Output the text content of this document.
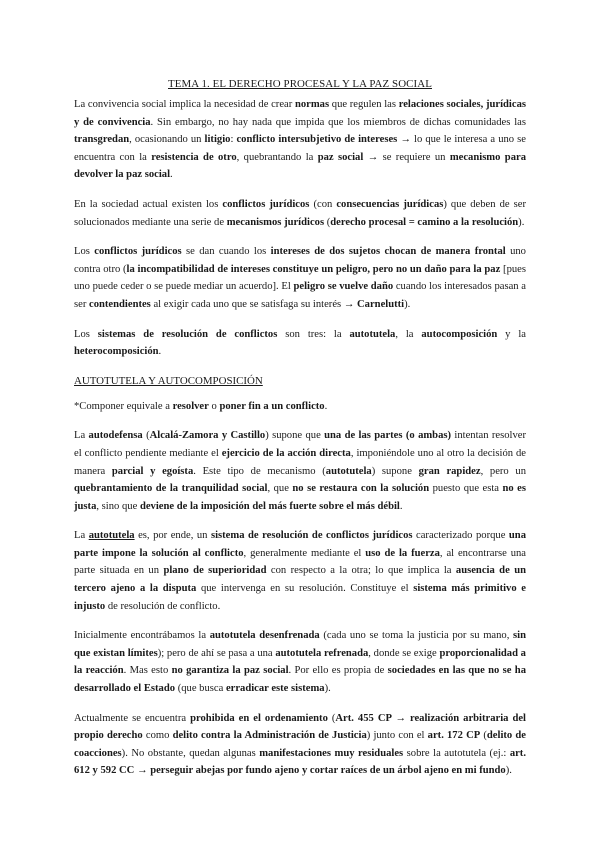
TEMA 1. EL DERECHO PROCESAL Y LA PAZ SOCIAL

La convivencia social implica la necesidad de crear normas que regulen las relaciones sociales, jurídicas y de convivencia. Sin embargo, no hay nada que impida que los miembros de dichas comunidades las transgredan, ocasionando un litigio: conflicto intersubjetivo de intereses → lo que le interesa a uno se encuentra con la resistencia de otro, quebrantando la paz social → se requiere un mecanismo para devolver la paz social.

En la sociedad actual existen los conflictos jurídicos (con consecuencias jurídicas) que deben de ser solucionados mediante una serie de mecanismos jurídicos (derecho procesal = camino a la resolución).

Los conflictos jurídicos se dan cuando los intereses de dos sujetos chocan de manera frontal uno contra otro (la incompatibilidad de intereses constituye un peligro, pero no un daño para la paz [pues uno puede ceder o se puede mediar un acuerdo]. El peligro se vuelve daño cuando los interesados pasan a ser contendientes al exigir cada uno que se satisfaga su interés → Carnelutti).

Los sistemas de resolución de conflictos son tres: la autotutela, la autocomposición y la heterocomposición.

AUTOTUTELA Y AUTOCOMPOSICIÓN

*Componer equivale a resolver o poner fin a un conflicto.

La autodefensa (Alcalá-Zamora y Castillo) supone que una de las partes (o ambas) intentan resolver el conflicto pendiente mediante el ejercicio de la acción directa, imponiéndole uno al otro la decisión de manera parcial y egoísta. Este tipo de mecanismo (autotutela) supone gran rapidez, pero un quebrantamiento de la tranquilidad social, que no se restaura con la solución puesto que esta no es justa, sino que deviene de la imposición del más fuerte sobre el más débil.

La autotutela es, por ende, un sistema de resolución de conflictos jurídicos caracterizado porque una parte impone la solución al conflicto, generalmente mediante el uso de la fuerza, al encontrarse una parte situada en un plano de superioridad con respecto a la otra; lo que implica la ausencia de un tercero ajeno a la disputa que intervenga en su resolución. Constituye el sistema más primitivo e injusto de resolución de conflicto.

Inicialmente encontrábamos la autotutela desenfrenada (cada uno se toma la justicia por su mano, sin que existan límites); pero de ahí se pasa a una autotutela refrenada, donde se exige proporcionalidad a la reacción. Mas esto no garantiza la paz social. Por ello es propia de sociedades en las que no se ha desarrollado el Estado (que busca erradicar este sistema).

Actualmente se encuentra prohibida en el ordenamiento (Art. 455 CP → realización arbitraria del propio derecho como delito contra la Administración de Justicia) junto con el art. 172 CP (delito de coacciones). No obstante, quedan algunas manifestaciones muy residuales sobre la autotutela (ej.: art. 612 y 592 CC → perseguir abejas por fundo ajeno y cortar raíces de un árbol ajeno en mi fundo).
